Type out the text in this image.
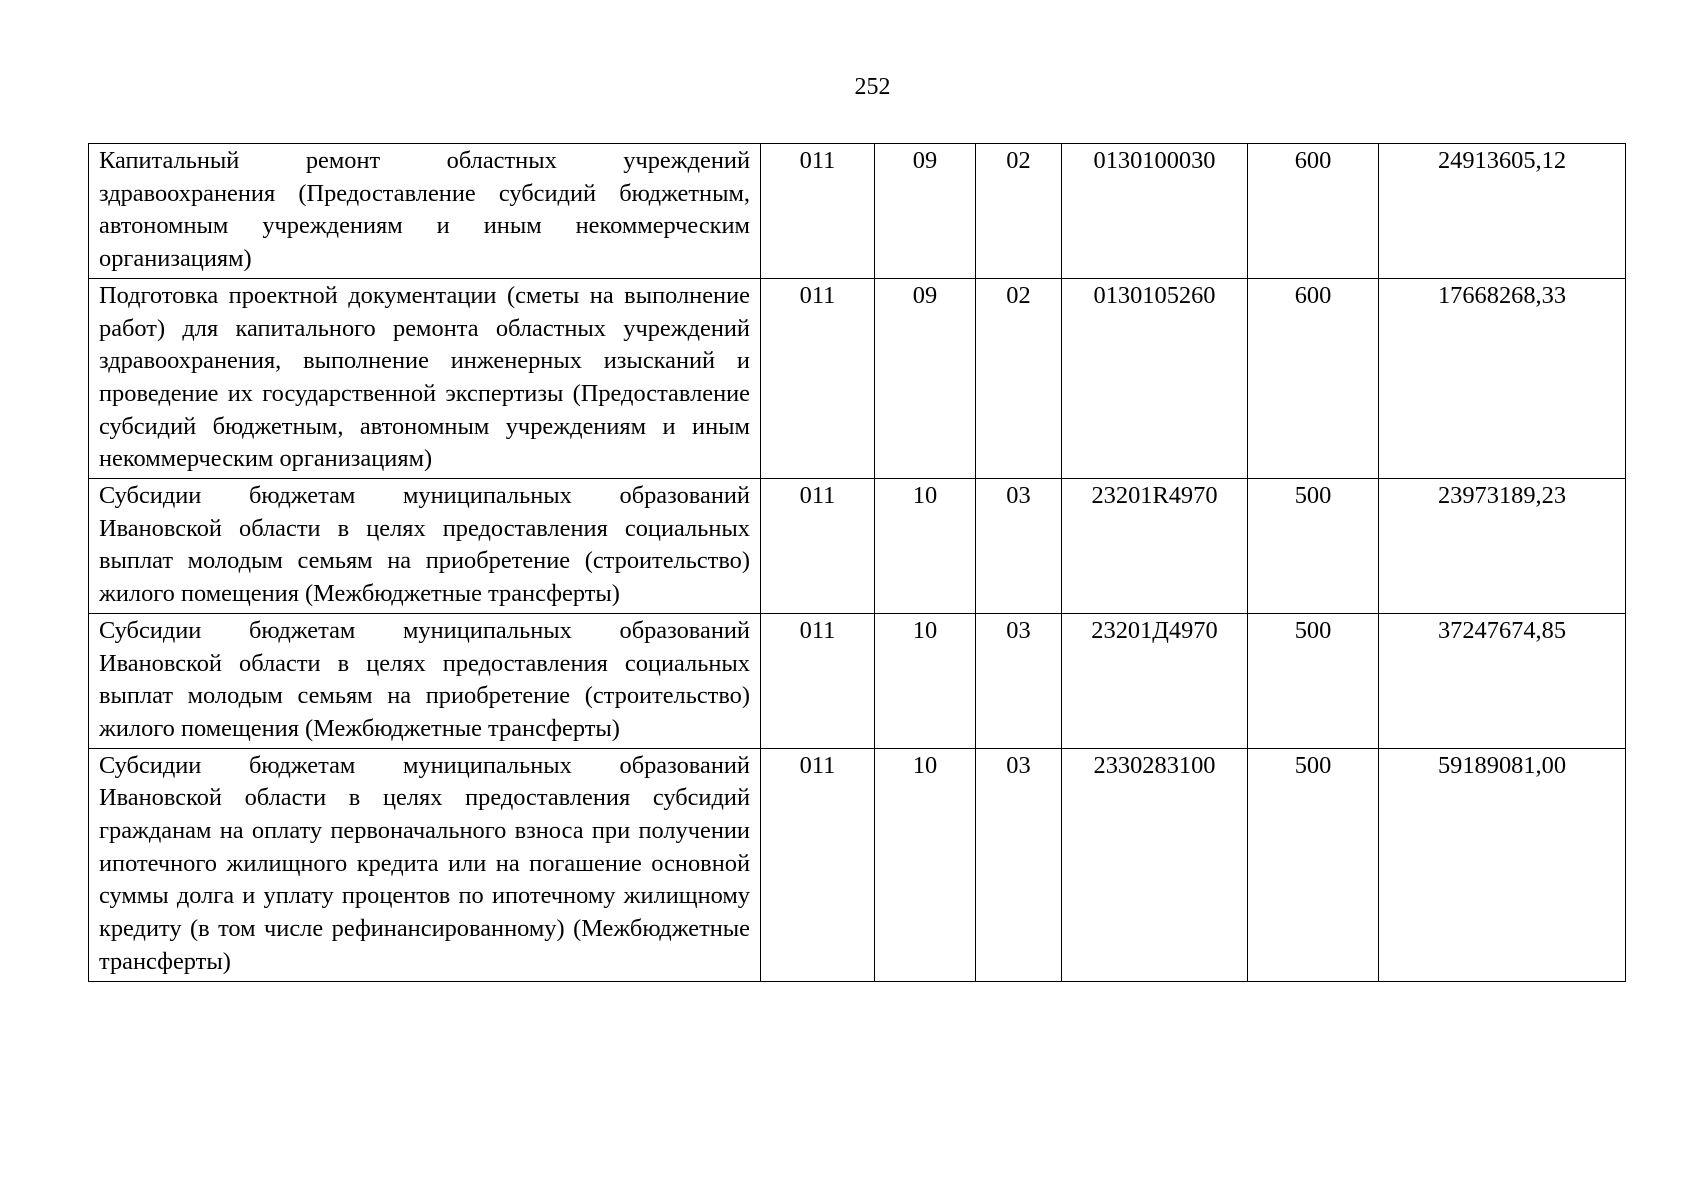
252
Капитальный ремонт областных учреждений здравоохранения (Предоставление субсидий бюджетным, автономным учреждениям и иным некоммерческим организациям)	011	09	02	0130100030	600	24913605,12
Подготовка проектной документации (сметы на выполнение работ) для капитального ремонта областных учреждений здравоохранения, выполнение инженерных изысканий и проведение их государственной экспертизы (Предоставление субсидий бюджетным, автономным учреждениям и иным некоммерческим организациям)	011	09	02	0130105260	600	17668268,33
Субсидии бюджетам муниципальных образований Ивановской области в целях предоставления социальных выплат молодым семьям на приобретение (строительство) жилого помещения (Межбюджетные трансферты)	011	10	03	23201R4970	500	23973189,23
Субсидии бюджетам муниципальных образований Ивановской области в целях предоставления социальных выплат молодым семьям на приобретение (строительство) жилого помещения (Межбюджетные трансферты)	011	10	03	23201Д4970	500	37247674,85
Субсидии бюджетам муниципальных образований Ивановской области в целях предоставления субсидий гражданам на оплату первоначального взноса при получении ипотечного жилищного кредита или на погашение основной суммы долга и уплату процентов по ипотечному жилищному кредиту (в том числе рефинансированному) (Межбюджетные трансферты)	011	10	03	2330283100	500	59189081,00
